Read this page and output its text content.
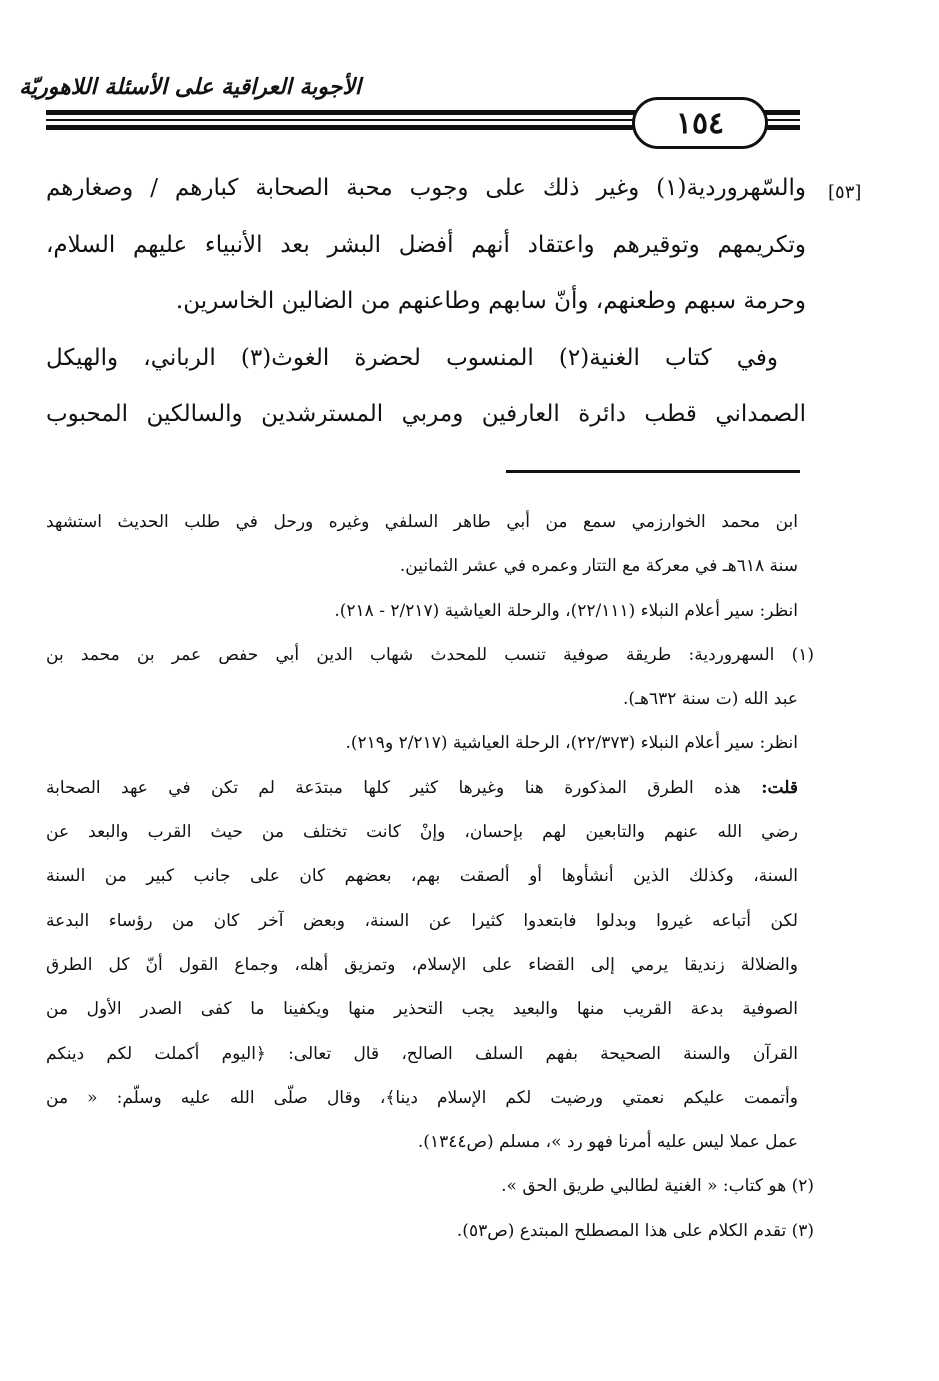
الأجوبة العراقية على الأسئلة اللاهوريّة
١٥٤
[٥٣]

والسّهروردية(١) وغير ذلك على وجوب محبة الصحابة كبارهم / وصغارهم

وتكريمهم وتوقيرهم واعتقاد أنهم أفضل البشر بعد الأنبياء عليهم السلام،

وحرمة سبهم وطعنهم، وأنّ سابهم وطاعنهم من الضالين الخاسرين.

وفي كتاب الغنية(٢) المنسوب لحضرة الغوث(٣) الرباني، والهيكل

الصمداني قطب دائرة العارفين ومربي المسترشدين والسالكين المحبوب

ابن محمد الخوارزمي سمع من أبي طاهر السلفي وغيره ورحل في طلب الحديث استشهد

سنة ٦١٨هـ في معركة مع التتار وعمره في عشر الثمانين.

انظر: سير أعلام النبلاء (٢٢/١١١)، والرحلة العياشية (٢/٢١٧ - ٢١٨).

(١) السهروردية: طريقة صوفية تنسب للمحدث شهاب الدين أبي حفص عمر بن محمد بن

عبد الله (ت سنة ٦٣٢هـ).

انظر: سير أعلام النبلاء (٢٢/٣٧٣)، الرحلة العياشية (٢/٢١٧ و٢١٩).

قلت: هذه الطرق المذكورة هنا وغيرها كثير كلها مبتدَعة لم تكن في عهد الصحابة

رضي الله عنهم والتابعين لهم بإحسان، وإنْ كانت تختلف من حيث القرب والبعد عن

السنة، وكذلك الذين أنشأوها أو ألصقت بهم، بعضهم كان على جانب كبير من السنة

لكن أتباعه غيروا وبدلوا فابتعدوا كثيرا عن السنة، وبعض آخر كان من رؤساء البدعة

والضلالة زنديقا يرمي إلى القضاء على الإسلام، وتمزيق أهله، وجماع القول أنّ كل الطرق

الصوفية بدعة القريب منها والبعيد يجب التحذير منها ويكفينا ما كفى الصدر الأول من

القرآن والسنة الصحيحة بفهم السلف الصالح، قال تعالى: ﴿اليوم أكملت لكم دينكم

وأتممت عليكم نعمتي ورضيت لكم الإسلام دينا﴾، وقال صلّى الله عليه وسلّم: « من

عمل عملا ليس عليه أمرنا فهو رد »، مسلم (ص١٣٤٤).

(٢) هو كتاب: « الغنية لطالبي طريق الحق ».

(٣) تقدم الكلام على هذا المصطلح المبتدع (ص٥٣).
